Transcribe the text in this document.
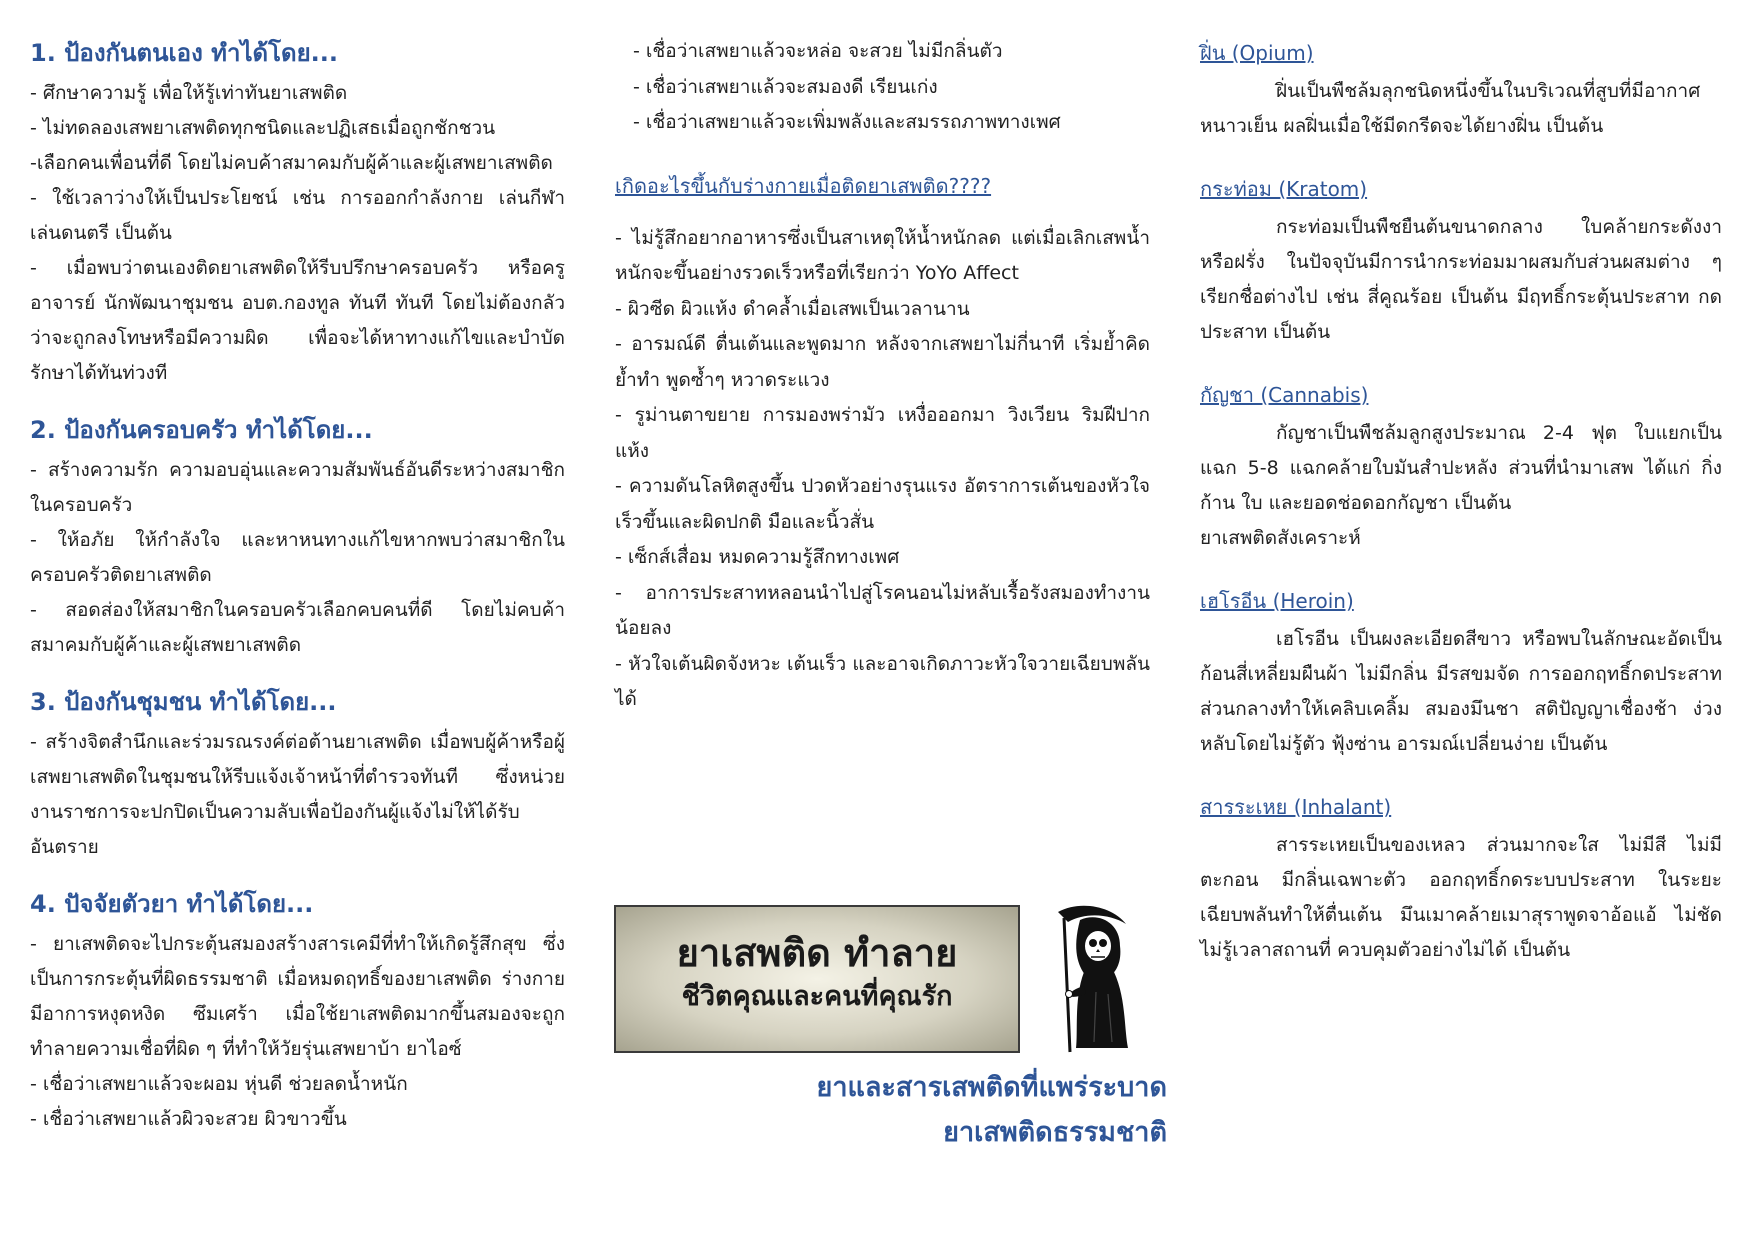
1. ป้องกันตนเอง ทำได้โดย...

- ศึกษาความรู้ เพื่อให้รู้เท่าทันยาเสพติด

- ไม่ทดลองเสพยาเสพติดทุกชนิดและปฏิเสธเมื่อถูกชักชวน

-เลือกคนเพื่อนที่ดี โดยไม่คบค้าสมาคมกับผู้ค้าและผู้เสพยาเสพติด

- ใช้เวลาว่างให้เป็นประโยชน์ เช่น การออกกำลังกาย เล่นกีฬา เล่นดนตรี เป็นต้น

- เมื่อพบว่าตนเองติดยาเสพติดให้รีบปรึกษาครอบครัว หรือครูอาจารย์ นักพัฒนาชุมชน อบต.กองทูล ทันที ทันที โดยไม่ต้องกลัวว่าจะถูกลงโทษหรือมีความผิด เพื่อจะได้หาทางแก้ไขและบำบัดรักษาได้ทันท่วงที

2. ป้องกันครอบครัว ทำได้โดย...

- สร้างความรัก ความอบอุ่นและความสัมพันธ์อันดีระหว่างสมาชิกในครอบครัว

- ให้อภัย ให้กำลังใจ และหาหนทางแก้ไขหากพบว่าสมาชิกในครอบครัวติดยาเสพติด

- สอดส่องให้สมาชิกในครอบครัวเลือกคบคนที่ดี โดยไม่คบค้าสมาคมกับผู้ค้าและผู้เสพยาเสพติด

3. ป้องกันชุมชน ทำได้โดย...

- สร้างจิตสำนึกและร่วมรณรงค์ต่อต้านยาเสพติด เมื่อพบผู้ค้าหรือผู้เสพยาเสพติดในชุมชนให้รีบแจ้งเจ้าหน้าที่ตำรวจทันที ซึ่งหน่วยงานราชการจะปกปิดเป็นความลับเพื่อป้องกันผู้แจ้งไม่ให้ได้รับอันตราย

4. ปัจจัยตัวยา ทำได้โดย...

- ยาเสพติดจะไปกระตุ้นสมองสร้างสารเคมีที่ทำให้เกิดรู้สึกสุข ซึ่งเป็นการกระตุ้นที่ผิดธรรมชาติ เมื่อหมดฤทธิ์ของยาเสพติด ร่างกายมีอาการหงุดหงิด ซึมเศร้า เมื่อใช้ยาเสพติดมากขึ้นสมองจะถูกทำลายความเชื่อที่ผิด ๆ ที่ทำให้วัยรุ่นเสพยาบ้า ยาไอซ์

- เชื่อว่าเสพยาแล้วจะผอม หุ่นดี ช่วยลดน้ำหนัก

- เชื่อว่าเสพยาแล้วผิวจะสวย ผิวขาวขึ้น

- เชื่อว่าเสพยาแล้วจะหล่อ จะสวย ไม่มีกลิ่นตัว

- เชื่อว่าเสพยาแล้วจะสมองดี เรียนเก่ง

- เชื่อว่าเสพยาแล้วจะเพิ่มพลังและสมรรถภาพทางเพศ

เกิดอะไรขึ้นกับร่างกายเมื่อติดยาเสพติด????

- ไม่รู้สึกอยากอาหารซึ่งเป็นสาเหตุให้น้ำหนักลด แต่เมื่อเลิกเสพน้ำหนักจะขึ้นอย่างรวดเร็วหรือที่เรียกว่า YoYo Affect

- ผิวซีด ผิวแห้ง ดำคล้ำเมื่อเสพเป็นเวลานาน

- อารมณ์ดี ตื่นเต้นและพูดมาก หลังจากเสพยาไม่กี่นาที เริ่มย้ำคิดย้ำทำ พูดซ้ำๆ หวาดระแวง

- รูม่านตาขยาย การมองพร่ามัว เหงื่อออกมา วิงเวียน ริมฝีปากแห้ง

- ความดันโลหิตสูงขึ้น ปวดหัวอย่างรุนแรง อัตราการเต้นของหัวใจเร็วขึ้นและผิดปกติ มือและนิ้วสั่น

- เซ็กส์เสื่อม หมดความรู้สึกทางเพศ

- อาการประสาทหลอนนำไปสู่โรคนอนไม่หลับเรื้อรังสมองทำงานน้อยลง

- หัวใจเต้นผิดจังหวะ เต้นเร็ว และอาจเกิดภาวะหัวใจวายเฉียบพลันได้

ยาเสพติด ทำลาย
ชีวิตคุณและคนที่คุณรัก
ยาและสารเสพติดที่แพร่ระบาด
ยาเสพติดธรรมชาติ
ฝิ่น (Opium)

ฝิ่นเป็นพืชล้มลุกชนิดหนึ่งขึ้นในบริเวณที่สูบที่มีอากาศหนาวเย็น ผลฝิ่นเมื่อใช้มีดกรีดจะได้ยางฝิ่น เป็นต้น

กระท่อม (Kratom)

กระท่อมเป็นพืชยืนต้นขนาดกลาง ใบคล้ายกระดังงาหรือฝรั่ง ในปัจจุบันมีการนำกระท่อมมาผสมกับส่วนผสมต่าง ๆ เรียกชื่อต่างไป เช่น สี่คูณร้อย เป็นต้น มีฤทธิ์กระตุ้นประสาท กดประสาท เป็นต้น

กัญชา (Cannabis)

กัญชาเป็นพืชล้มลูกสูงประมาณ 2-4 ฟุต ใบแยกเป็นแฉก 5-8 แฉกคล้ายใบมันสำปะหลัง ส่วนที่นำมาเสพ ได้แก่ กิ่ง ก้าน ใบ และยอดช่อดอกกัญชา เป็นต้น

ยาเสพติดสังเคราะห์

เฮโรอีน (Heroin)

เฮโรอีน เป็นผงละเอียดสีขาว หรือพบในลักษณะอัดเป็นก้อนสี่เหลี่ยมผืนผ้า ไม่มีกลิ่น มีรสขมจัด การออกฤทธิ์กดประสาทส่วนกลางทำให้เคลิบเคลิ้ม สมองมึนชา สติปัญญาเชื่องช้า ง่วงหลับโดยไม่รู้ตัว ฟุ้งซ่าน อารมณ์เปลี่ยนง่าย เป็นต้น

สารระเหย (Inhalant)

สารระเหยเป็นของเหลว ส่วนมากจะใส ไม่มีสี ไม่มีตะกอน มีกลิ่นเฉพาะตัว ออกฤทธิ์กดระบบประสาท ในระยะเฉียบพลันทำให้ตื่นเต้น มึนเมาคล้ายเมาสุราพูดจาอ้อแอ้ ไม่ชัด ไม่รู้เวลาสถานที่ ควบคุมตัวอย่างไม่ได้ เป็นต้น
